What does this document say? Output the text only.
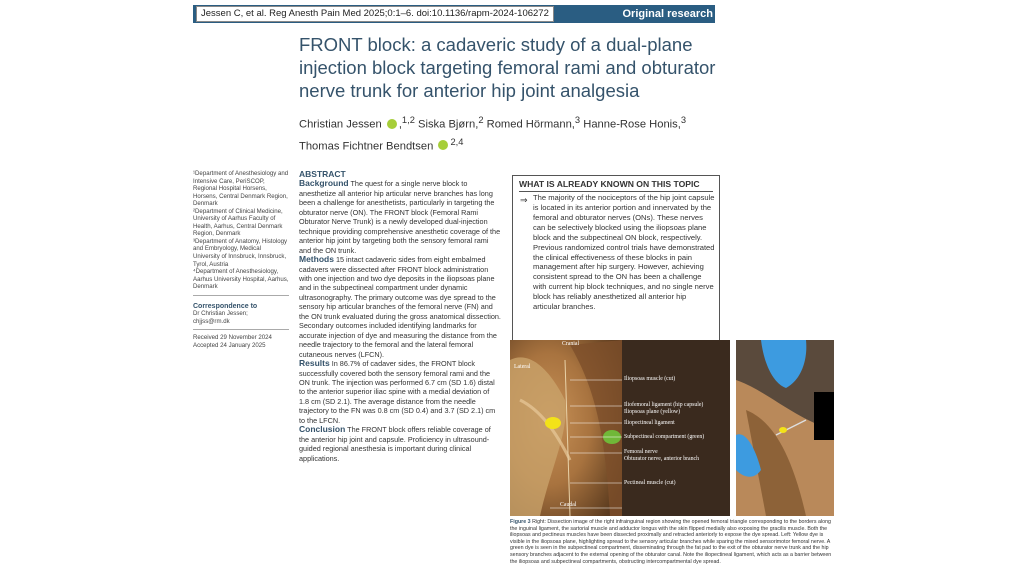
Jessen C, et al. Reg Anesth Pain Med 2025;0:1–6. doi:10.1136/rapm-2024-106272	Original research
FRONT block: a cadaveric study of a dual-plane injection block targeting femoral rami and obturator nerve trunk for anterior hip joint analgesia
Christian Jessen ,$^{1,2}$ Siska Bjørn,$^2$ Romed Hörmann,$^3$ Hanne-Rose Honis,$^3$
Thomas Fichtner Bendtsen $^{2,4}$

¹Department of Anesthesiology and Intensive Care, PeriSCOP, Regional Hospital Horsens, Horsens, Central Denmark Region, Denmark

²Department of Clinical Medicine, University of Aarhus Faculty of Health, Aarhus, Central Denmark Region, Denmark

³Department of Anatomy, Histology and Embryology, Medical University of Innsbruck, Innsbruck, Tyrol, Austria

⁴Department of Anesthesiology, Aarhus University Hospital, Aarhus, Denmark

Correspondence to

Dr Christian Jessen;

chjjss@rm.dk

Received 29 November 2024

Accepted 24 January 2025

ABSTRACT

Background The quest for a single nerve block to anesthetize all anterior hip articular nerve branches has long been a challenge for anesthetists, particularly in targeting the obturator nerve (ON). The FRONT block (Femoral Rami Obturator Nerve Trunk) is a newly developed dual-injection technique providing comprehensive anesthetic coverage of the anterior hip joint by targeting both the sensory femoral rami and the ON trunk.

Methods 15 intact cadaveric sides from eight embalmed cadavers were dissected after FRONT block administration with one injection and two dye deposits in the iliopsoas plane and in the subpectineal compartment under dynamic ultrasonography. The primary outcome was dye spread to the sensory hip articular branches of the femoral nerve (FN) and the ON trunk evaluated during the gross anatomical dissection. Secondary outcomes included identifying landmarks for accurate injection of dye and measuring the distance from the needle trajectory to the femoral and the lateral femoral cutaneous nerves (LFCN).

Results In 86.7% of cadaver sides, the FRONT block successfully covered both the sensory femoral rami and the ON trunk. The injection was performed 6.7 cm (SD 1.6) distal to the anterior superior iliac spine with a medial deviation of 1.8 cm (SD 2.1). The average distance from the needle trajectory to the FN was 0.8 cm (SD 0.4) and 3.7 (SD 2.1) cm to the LFCN.

Conclusion The FRONT block offers reliable coverage of the anterior hip joint and capsule. Proficiency in ultrasound-guided regional anesthesia is important during clinical applications.

WHAT IS ALREADY KNOWN ON THIS TOPIC
⇒ The majority of the nociceptors of the hip joint capsule is located in its anterior portion and innervated by the femoral and obturator nerves (ONs). These nerves can be selectively blocked using the iliopsoas plane block and the subpectineal ON block, respectively. Previous randomized control trials have demonstrated the clinical effectiveness of these blocks in pain management after hip surgery. However, achieving consistent spread to the ON has been a challenge with current hip block techniques, and no single nerve block has reliably anesthetized all anterior hip articular branches.
Cranial
Lateral
Caudal
Iliopsoas muscle (cut)
Iliofemoral ligament (hip capsule)
Iliopsoas plane (yellow)
Iliopectineal ligament
Subpectineal compartment (green)
Femoral nerve
Obturator nerve, anterior branch
Pectineal muscle (cut)
Figure 3 Right: Dissection image of the right infrainguinal region showing the opened femoral triangle corresponding to the borders along the inguinal ligament, the sartorial muscle and adductor longus with the skin flipped medially also exposing the gracilis muscle. Both the iliopsoas and pectineus muscles have been dissected proximally and retracted anteriorly to expose the dye spread. Left: Yellow dye is visible in the iliopsoas plane, highlighting spread to the sensory articular branches while sparing the mixed sensorimotor femoral nerve. A green dye is seen in the subpectineal compartment, disseminating through the fat pad to the exit of the obturator nerve trunk and the hip sensory branches adjacent to the external opening of the obturator canal. Note the iliopectineal ligament, which acts as a barrier between the iliopsoas and subpectineal compartments, obstructing intercompartmental dye spread.
